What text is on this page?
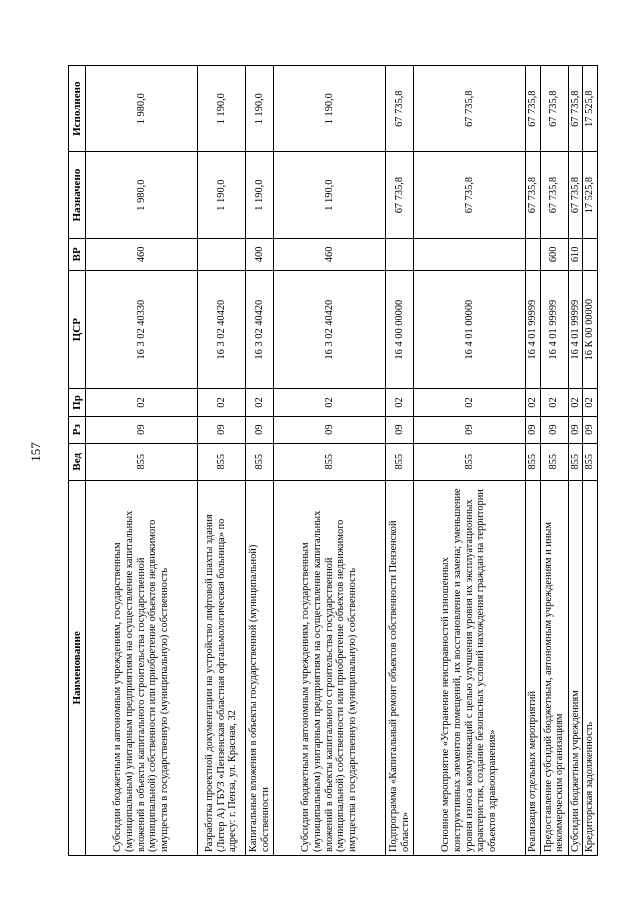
157
Наименование	Вед	Рз	Пр	ЦСР	ВР	Назначено	Исполнено
Субсидии бюджетным и автономным учреждениям, государственным (муниципальным) унитарным предприятиям на осуществление капитальных вложений в объекты капитального строительства государственной (муниципальной) собственности или приобретение объектов недвижимого имущества в государственную (муниципальную) собственность	855	09	02	16 3 02 40330	460	1 980,0	1 980,0
Разработка проектной документации на устройство лифтовой шахты здания (Литер А) ГБУЗ «Пензенская областная офтальмологическая больница» по адресу: г. Пенза, ул. Красная, 32	855	09	02	16 3 02 40420		1 190,0	1 190,0
Капитальные вложения в объекты государственной (муниципальной) собственности	855	09	02	16 3 02 40420	400	1 190,0	1 190,0
Субсидии бюджетным и автономным учреждениям, государственным (муниципальным) унитарным предприятиям на осуществление капитальных вложений в объекты капитального строительства государственной (муниципальной) собственности или приобретение объектов недвижимого имущества в государственную (муниципальную) собственность	855	09	02	16 3 02 40420	460	1 190,0	1 190,0
Подпрограмма «Капитальный ремонт объектов собственности Пензенской области»	855	09	02	16 4 00 00000		67 735,8	67 735,8
Основное мероприятие «Устранение неисправностей изношенных конструктивных элементов помещений, их восстановление и замена; уменьшение уровня износа коммуникаций с целью улучшения уровня их эксплуатационных характеристик, создание безопасных условий нахождения граждан на территории объектов здравоохранения»	855	09	02	16 4 01 00000		67 735,8	67 735,8
Реализация отдельных мероприятий	855	09	02	16 4 01 99999		67 735,8	67 735,8
Предоставление субсидий бюджетным, автономным учреждениям и иным некоммерческим организациям	855	09	02	16 4 01 99999	600	67 735,8	67 735,8
Субсидии бюджетным учреждениям	855	09	02	16 4 01 99999	610	67 735,8	67 735,8
Кредиторская задолженность	855	09	02	16 К 00 00000		17 525,8	17 525,8
